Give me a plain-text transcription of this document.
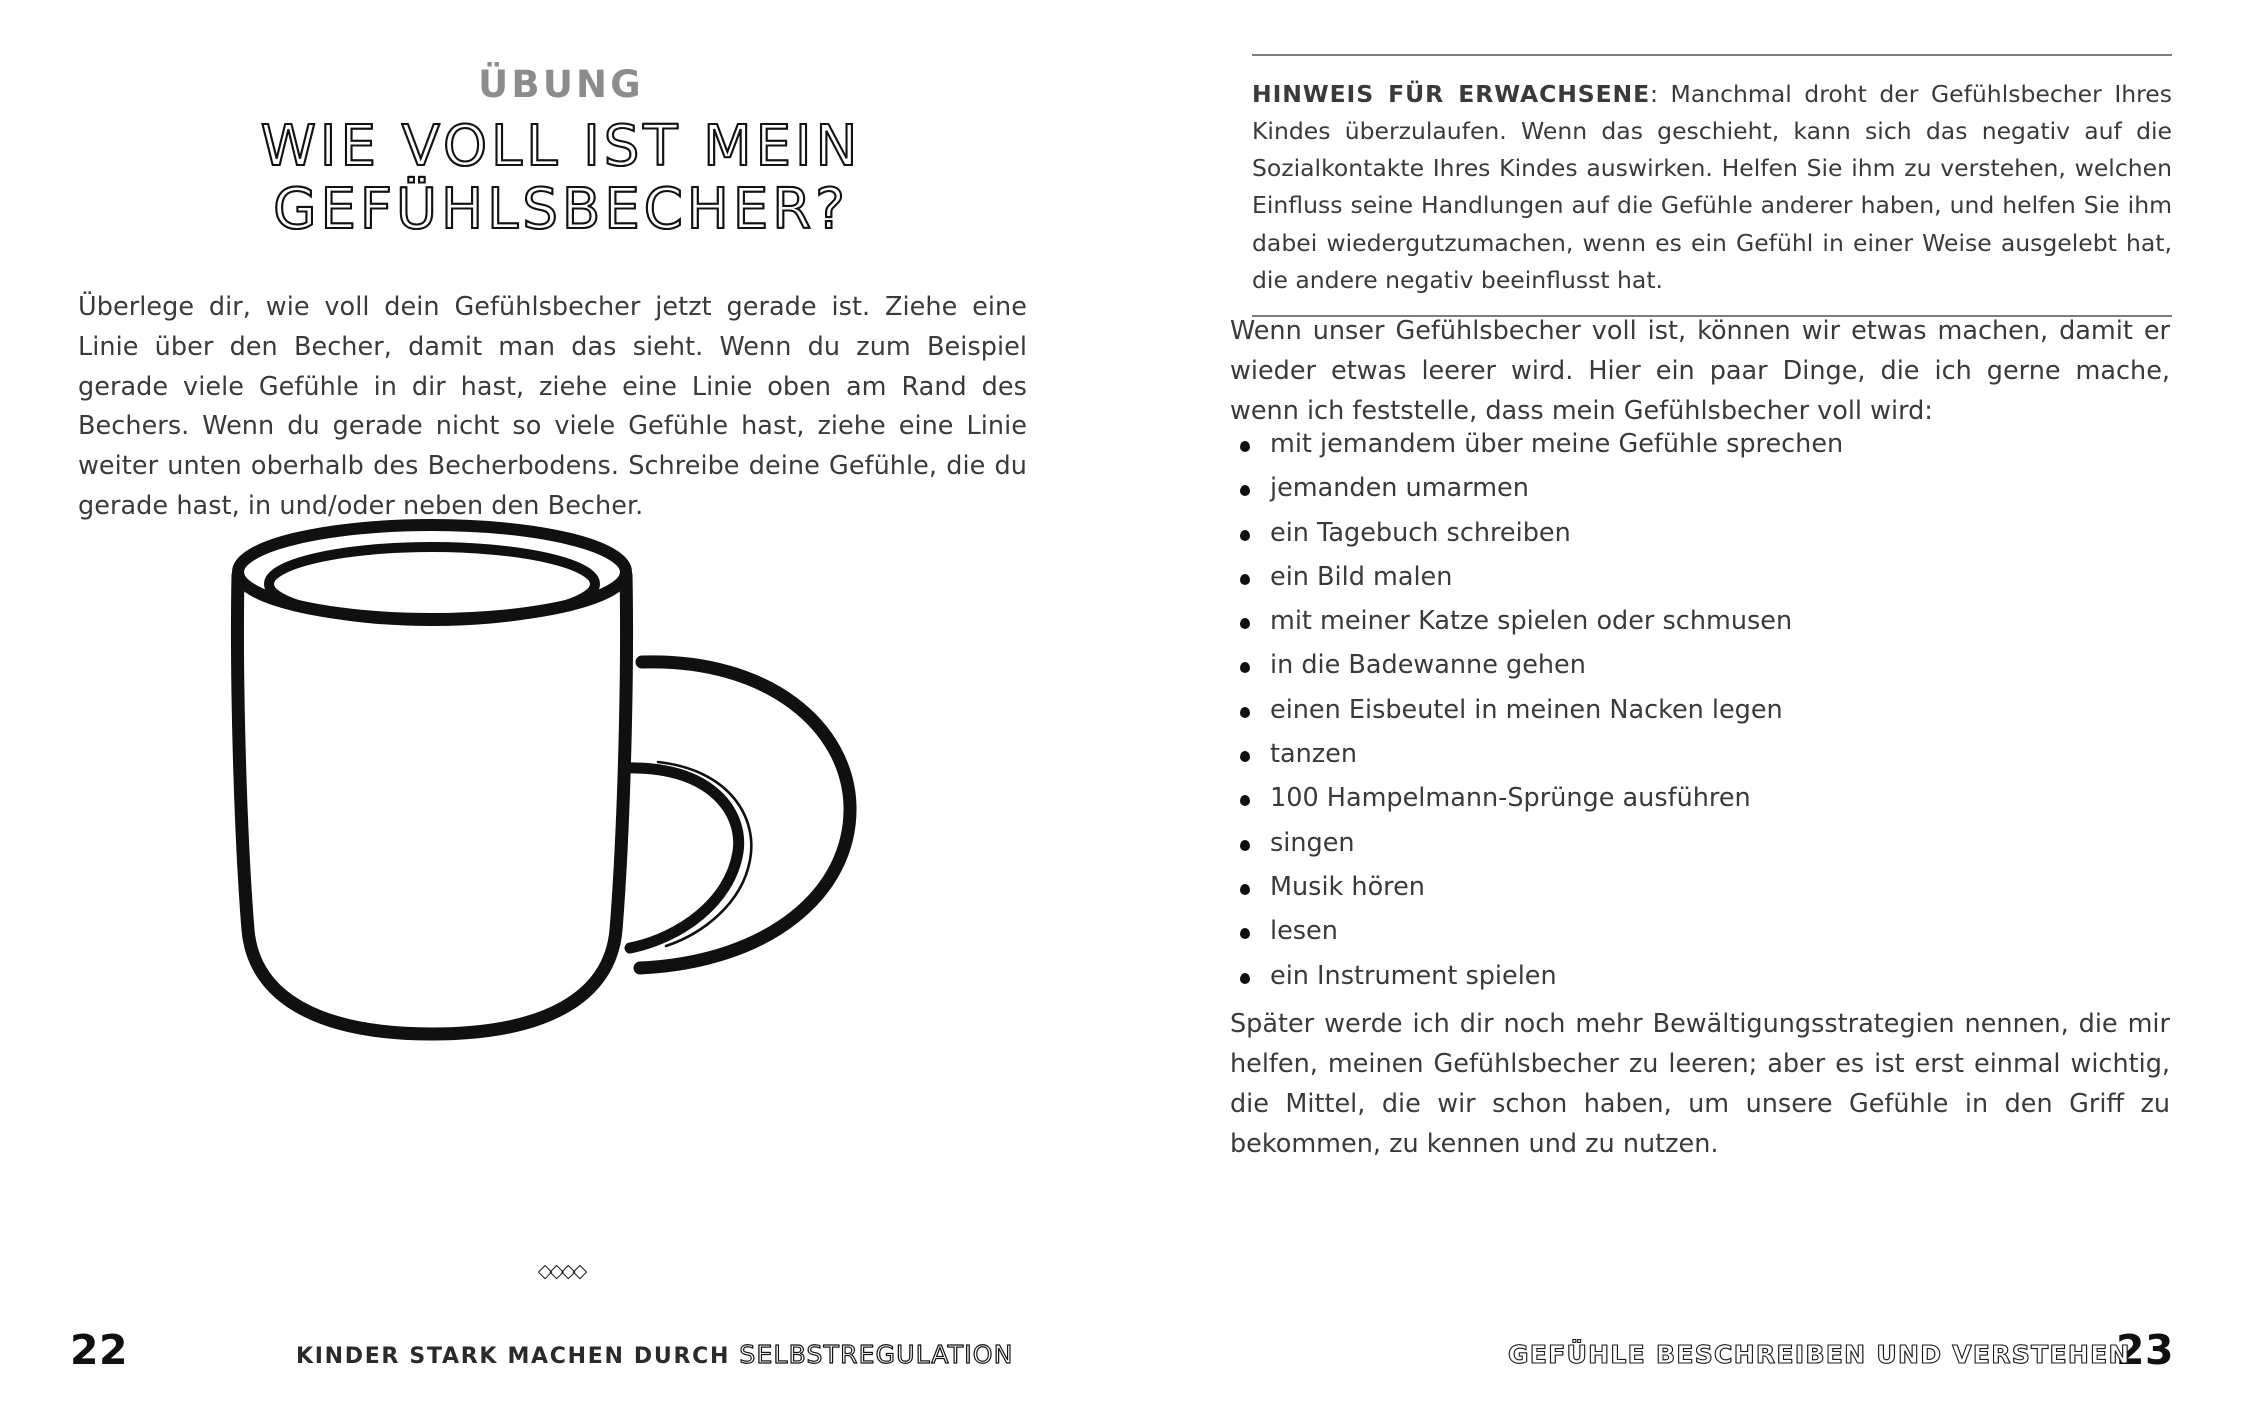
ÜBUNG
WIE VOLL IST MEIN
GEFÜHLSBECHER?
Überlege dir, wie voll dein Gefühlsbecher jetzt gerade ist. Ziehe eine Linie über den Becher, damit man das sieht. Wenn du zum Beispiel gerade viele Gefühle in dir hast, ziehe eine Linie oben am Rand des Bechers. Wenn du gerade nicht so viele Gefühle hast, ziehe eine Linie weiter unten oberhalb des Becherbodens. Schreibe deine Gefühle, die du gerade hast, in und/oder neben den Becher.
◇◇◇◇
22	KINDER STARK MACHEN DURCH SELBSTREGULATION
HINWEIS FÜR ERWACHSENE: Manchmal droht der Gefühlsbecher Ihres Kindes überzulaufen. Wenn das geschieht, kann sich das negativ auf die Sozialkontakte Ihres Kindes auswirken. Helfen Sie ihm zu verstehen, welchen Einfluss seine Handlungen auf die Gefühle anderer haben, und helfen Sie ihm dabei wiedergutzumachen, wenn es ein Gefühl in einer Weise ausgelebt hat, die andere negativ beeinflusst hat.
Wenn unser Gefühlsbecher voll ist, können wir etwas machen, damit er wieder etwas leerer wird. Hier ein paar Dinge, die ich gerne mache, wenn ich feststelle, dass mein Gefühlsbecher voll wird:
mit jemandem über meine Gefühle sprechen
jemanden umarmen
ein Tagebuch schreiben
ein Bild malen
mit meiner Katze spielen oder schmusen
in die Badewanne gehen
einen Eisbeutel in meinen Nacken legen
tanzen
100 Hampelmann-Sprünge ausführen
singen
Musik hören
lesen
ein Instrument spielen
Später werde ich dir noch mehr Bewältigungsstrategien nennen, die mir helfen, meinen Gefühlsbecher zu leeren; aber es ist erst einmal wichtig, die Mittel, die wir schon haben, um unsere Gefühle in den Griff zu bekommen, zu kennen und zu nutzen.
23
GEFÜHLE BESCHREIBEN UND VERSTEHEN
